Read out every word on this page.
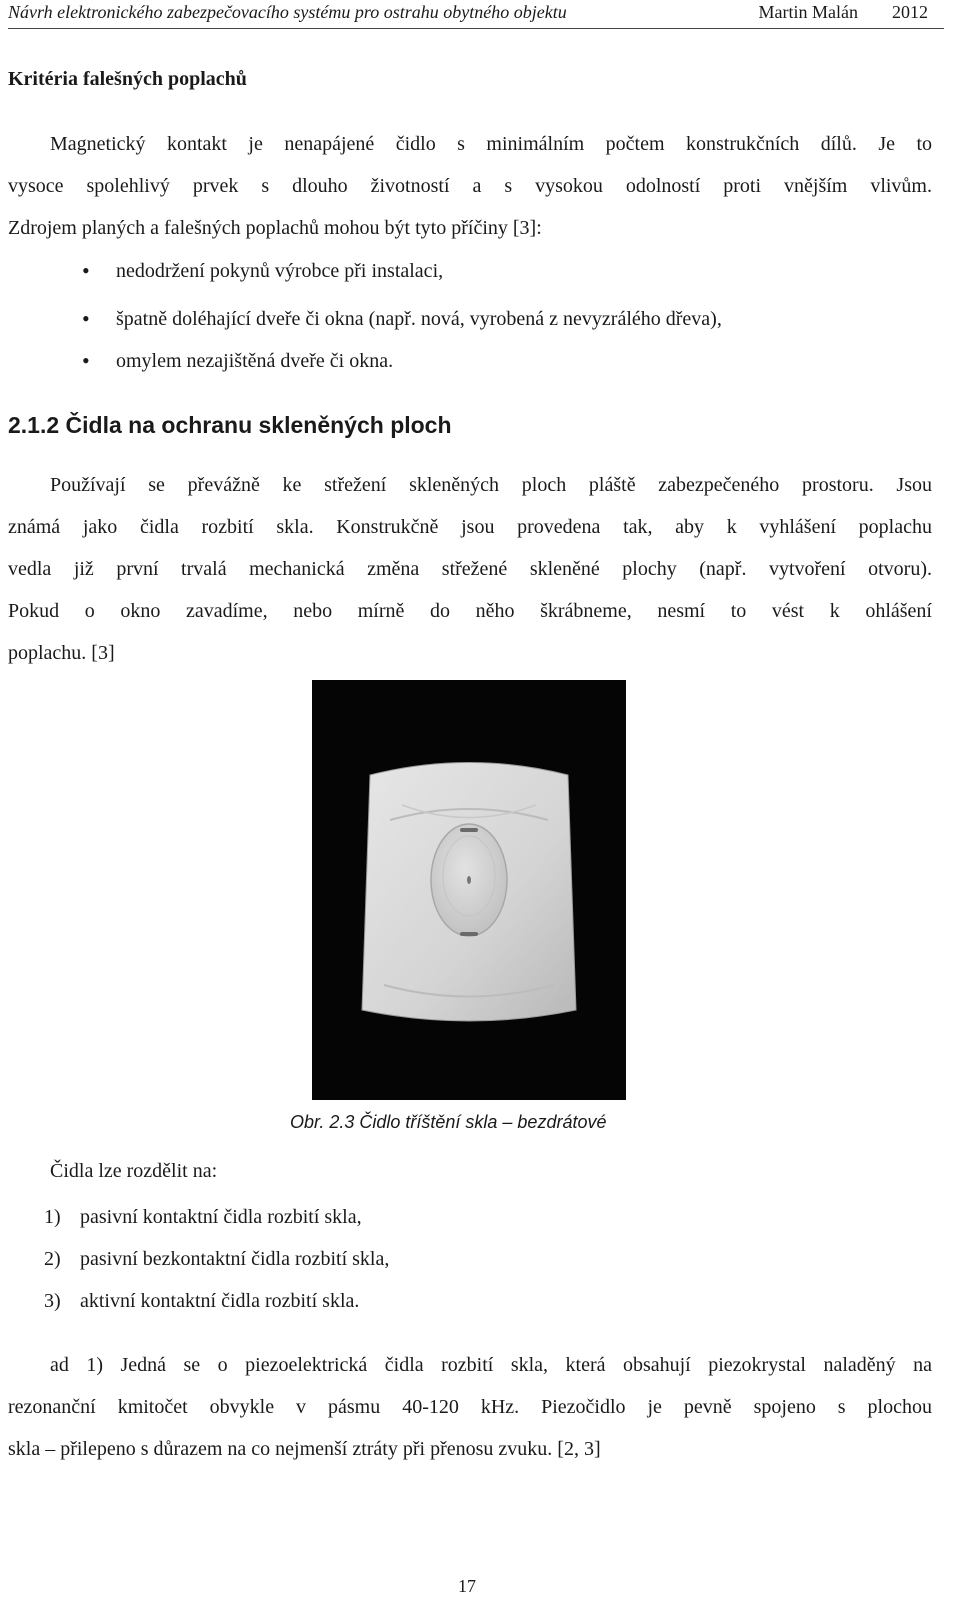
Návrh elektronického zabezpečovacího systému pro ostrahu obytného objektu	Martin Malán 2012
Kritéria falešných poplachů
Magnetický kontakt je nenapájené čidlo s minimálním počtem konstrukčních dílů. Je to
vysoce spolehlivý prvek s dlouho životností a s vysokou odolností proti vnějším vlivům.
Zdrojem planých a falešných poplachů mohou být tyto příčiny [3]:
• nedodržení pokynů výrobce při instalaci,
• špatně doléhající dveře či okna (např. nová, vyrobená z nevyzrálého dřeva),
• omylem nezajištěná dveře či okna.
2.1.2 Čidla na ochranu skleněných ploch
Používají se převážně ke střežení skleněných ploch pláště zabezpečeného prostoru. Jsou
známá jako čidla rozbití skla. Konstrukčně jsou provedena tak, aby k vyhlášení poplachu
vedla již první trvalá mechanická změna střežené skleněné plochy (např. vytvoření otvoru).
Pokud o okno zavadíme, nebo mírně do něho škrábneme, nesmí to vést k ohlášení
poplachu. [3]
Obr. 2.3 Čidlo tříštění skla – bezdrátové
Čidla lze rozdělit na:
1) pasivní kontaktní čidla rozbití skla,
2) pasivní bezkontaktní čidla rozbití skla,
3) aktivní kontaktní čidla rozbití skla.
ad 1) Jedná se o piezoelektrická čidla rozbití skla, která obsahují piezokrystal naladěný na
rezonanční kmitočet obvykle v pásmu 40-120 kHz. Piezočidlo je pevně spojeno s plochou
skla – přilepeno s důrazem na co nejmenší ztráty při přenosu zvuku. [2, 3]
17
